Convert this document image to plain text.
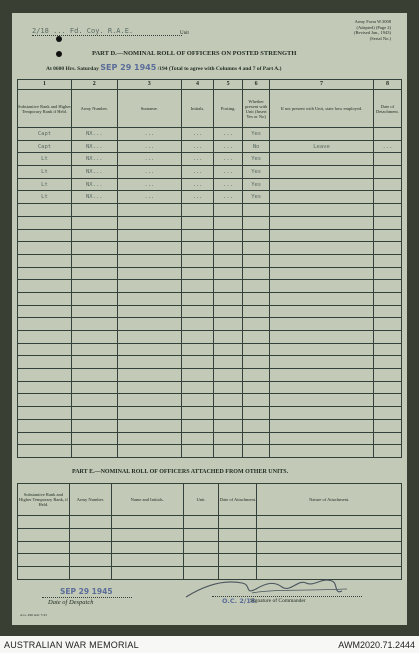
2/18 ... Fd. Coy. R.A.E.	Unit
Army Form W.3008
(Adapted) (Page 2)
(Revised Jan., 1943)
(Serial No.)
PART D.—NOMINAL ROLL OF OFFICERS ON POSTED STRENGTH
At 0600 Hrs. Saturday SEP 29 1945 /194 (Total to agree with Columns 4 and 7 of Part A.)
1	2	3	4	5	6	7	8
Substantive Rank and Higher Temporary Rank if Held.	Army Number.	Surname.	Initials.	Posting.	Whether present with Unit (Insert Yes or No)	If not present with Unit, state how employed.	Date of Detachment.
Capt	NX...	...	...	...	Yes		
Capt	NX...	...	...	...	No	Leave	...
Lt	NX...	...	...	...	Yes		
Lt	NX...	...	...	...	Yes		
Lt	NX...	...	...	...	Yes		
Lt	NX...	...	...	...	Yes		

PART E.—NOMINAL ROLL OF OFFICERS ATTACHED FROM OTHER UNITS.
Substantive Rank and Higher Temporary Rank, if Held.	Army Number.	Name and Initials.	Unit.	Date of Attachment.	Nature of Attachment.

SEP 29 1945
Date of Despatch	O.C. 2/18
Signature of Commander
A.G. 296 Adv 7/43
AUSTRALIAN WAR MEMORIAL	AWM2020.71.2444
